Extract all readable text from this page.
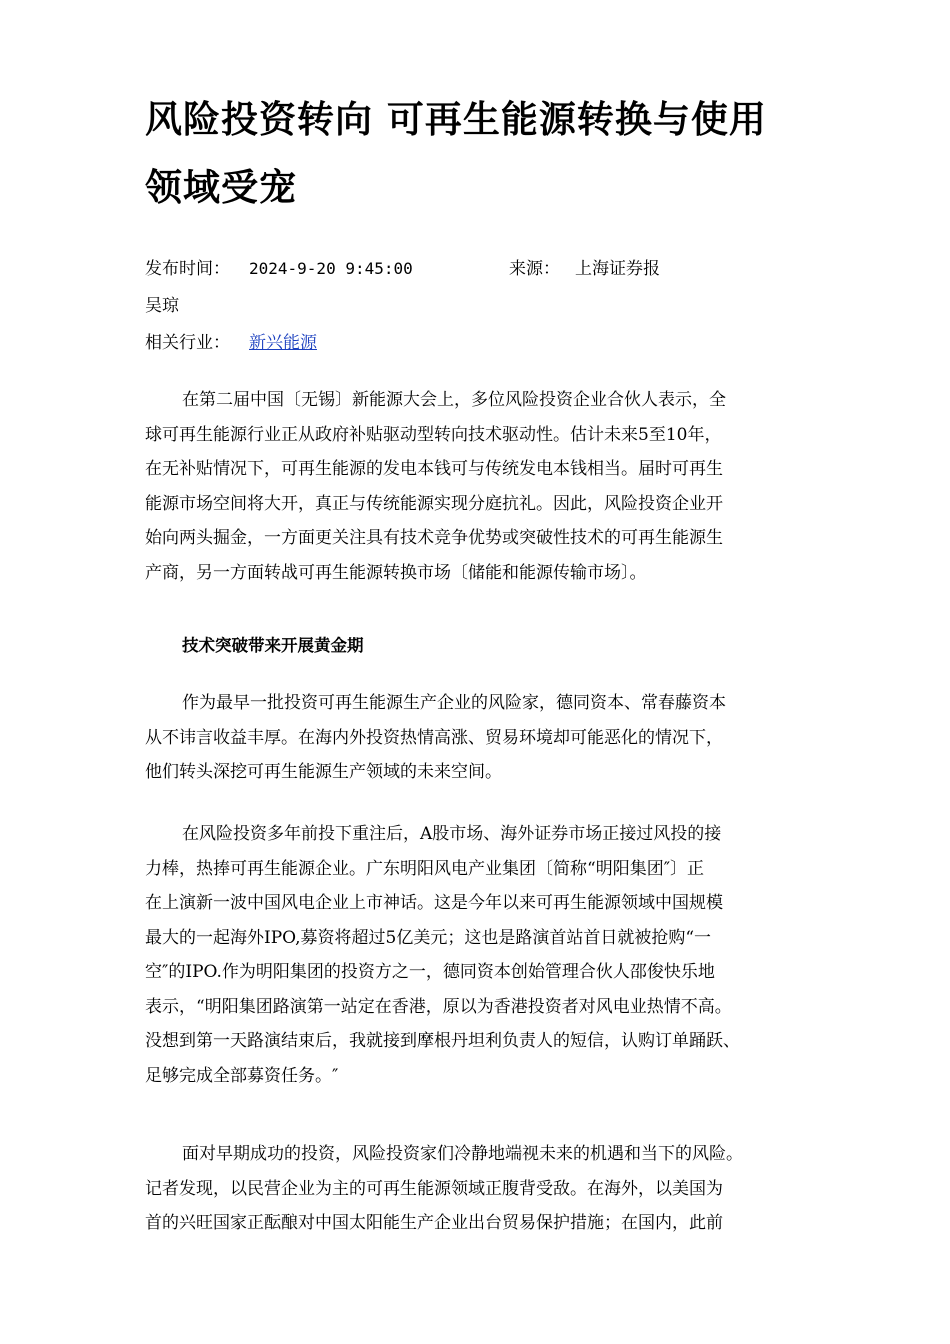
风险投资转向 可再生能源转换与使用
领域受宠
发布时间： 2024-9-20 9:45:00	来源： 上海证券报
吴琼
相关行业： 新兴能源
在第二届中国〔无锡〕新能源大会上，多位风险投资企业合伙人表示，全
球可再生能源行业正从政府补贴驱动型转向技术驱动性。估计未来5至10年，
在无补贴情况下，可再生能源的发电本钱可与传统发电本钱相当。届时可再生
能源市场空间将大开，真正与传统能源实现分庭抗礼。因此，风险投资企业开
始向两头掘金，一方面更关注具有技术竞争优势或突破性技术的可再生能源生
产商，另一方面转战可再生能源转换市场〔储能和能源传输市场〕。
技术突破带来开展黄金期
作为最早一批投资可再生能源生产企业的风险家，德同资本、常春藤资本
从不讳言收益丰厚。在海内外投资热情高涨、贸易环境却可能恶化的情况下，
他们转头深挖可再生能源生产领域的未来空间。
在风险投资多年前投下重注后，A股市场、海外证券市场正接过风投的接
力棒，热捧可再生能源企业。广东明阳风电产业集团〔简称“明阳集团″〕正
在上演新一波中国风电企业上市神话。这是今年以来可再生能源领域中国规模
最大的一起海外IPO,募资将超过5亿美元；这也是路演首站首日就被抢购“一
空″的IPO.作为明阳集团的投资方之一，德同资本创始管理合伙人邵俊快乐地
表示，“明阳集团路演第一站定在香港，原以为香港投资者对风电业热情不高。
没想到第一天路演结束后，我就接到摩根丹坦利负责人的短信，认购订单踊跃、
足够完成全部募资任务。″
面对早期成功的投资，风险投资家们冷静地端视未来的机遇和当下的风险。
记者发现，以民营企业为主的可再生能源领域正腹背受敌。在海外，以美国为
首的兴旺国家正酝酿对中国太阳能生产企业出台贸易保护措施；在国内，此前
